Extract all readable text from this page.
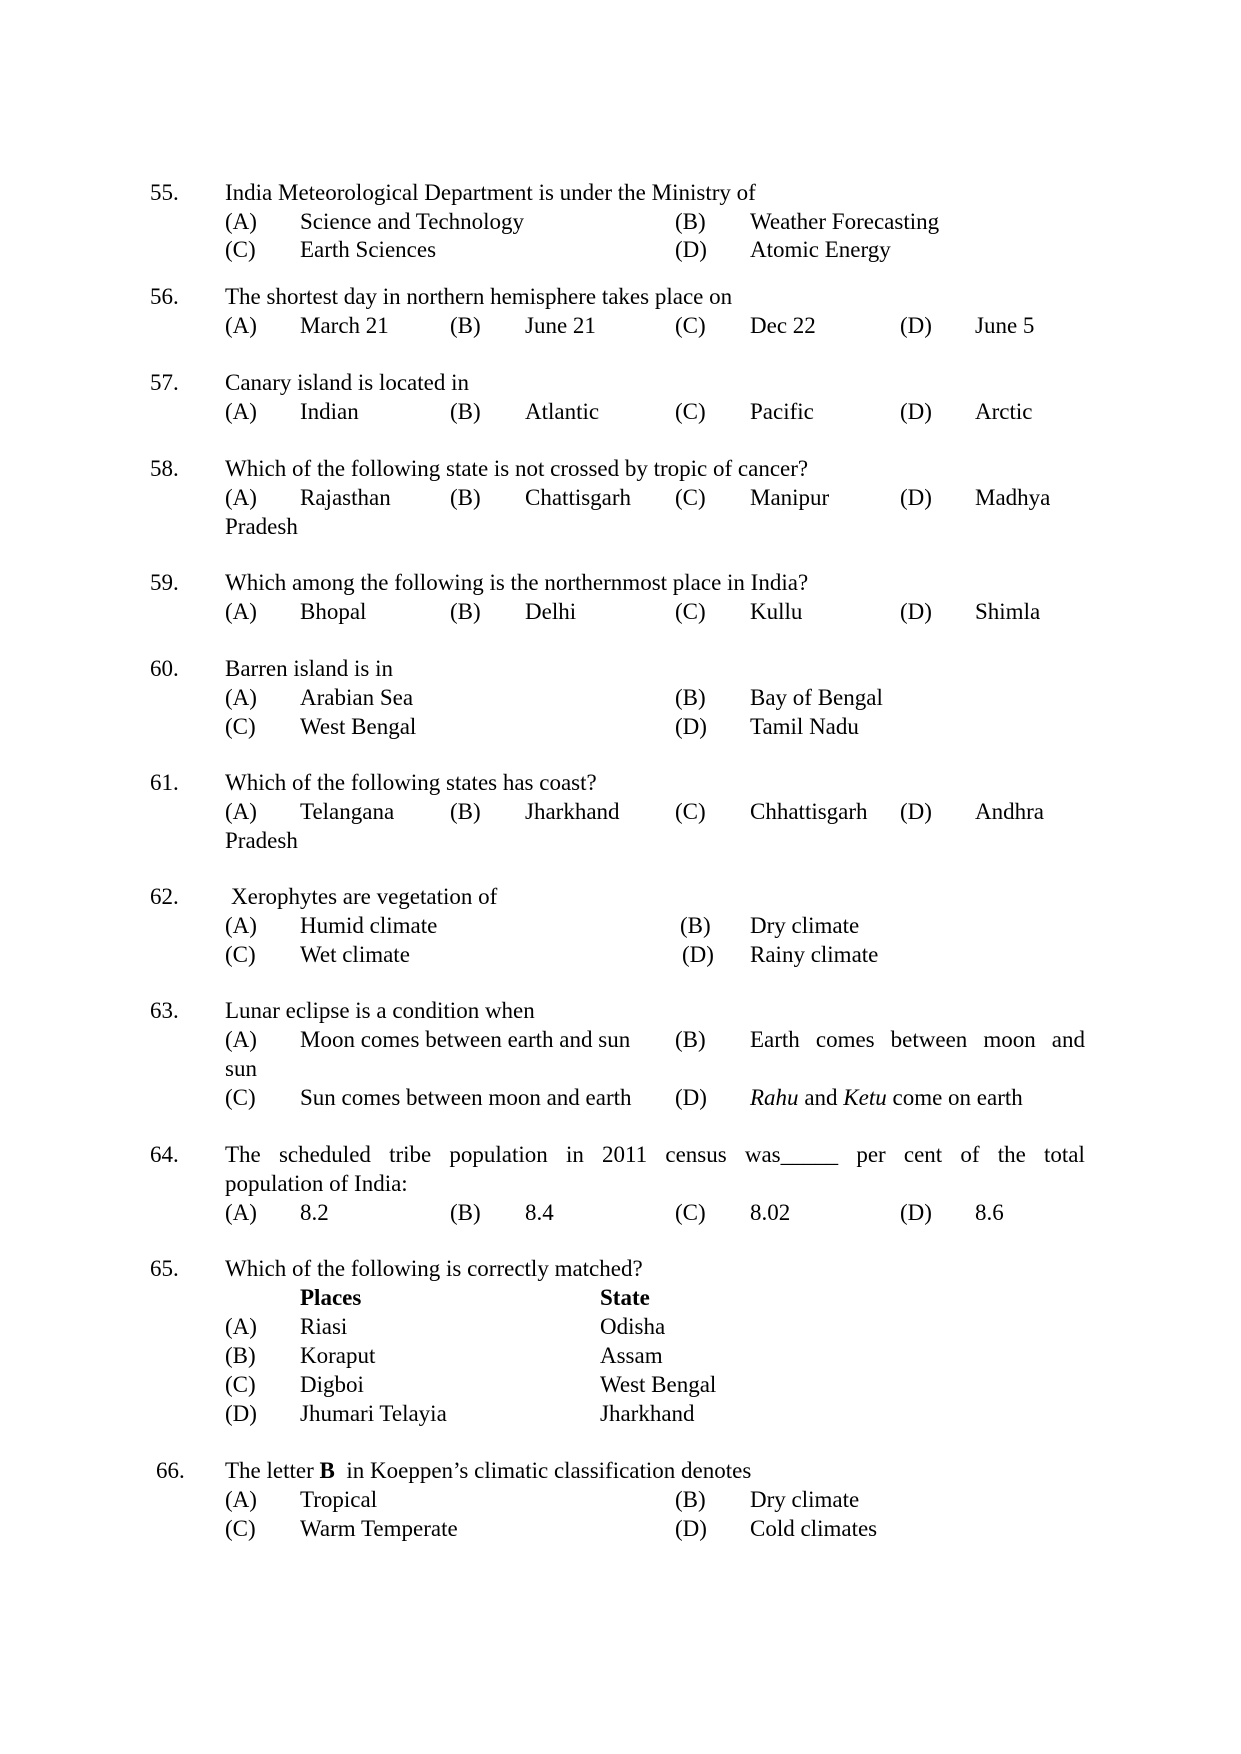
55. India Meteorological Department is under the Ministry of
(A) Science and Technology	(B) Weather Forecasting
(C) Earth Sciences	(D) Atomic Energy
56. The shortest day in northern hemisphere takes place on
(A) March 21	(B) June 21	(C) Dec 22	(D) June 5
57. Canary island is located in
(A) Indian	(B) Atlantic	(C) Pacific	(D) Arctic
58. Which of the following state is not crossed by tropic of cancer?
(A) Rajasthan	(B) Chattisgarh (C) Manipur	(D) Madhya
Pradesh
59. Which among the following is the northernmost place in India?
(A) Bhopal	(B) Delhi	(C) Kullu	(D) Shimla
60. Barren island is in
(A) Arabian Sea	(B) Bay of Bengal
(C) West Bengal	(D) Tamil Nadu
61. Which of the following states has coast?
(A) Telangana (B) Jharkhand (C) Chhattisgarh (D) Andhra
Pradesh
62. Xerophytes are vegetation of
(A) Humid climate	(B) Dry climate
(C) Wet climate	(D) Rainy climate
63. Lunar eclipse is a condition when
(A) Moon comes between earth and sun (B) Earth comes between moon and
sun
(C) Sun comes between moon and earth (D) Rahu and Ketu come on earth
64. The scheduled tribe population in 2011 census was_____ per cent of the total
population of India:
(A) 8.2	(B) 8.4	(C) 8.02	(D) 8.6
65. Which of the following is correctly matched?
Places	State
(A) Riasi	Odisha
(B) Koraput	Assam
(C) Digboi	West Bengal
(D) Jhumari Telayia	Jharkhand
66. The letter B  in Koeppen’s climatic classification denotes
(A) Tropical	(B) Dry climate
(C) Warm Temperate	(D) Cold climates
